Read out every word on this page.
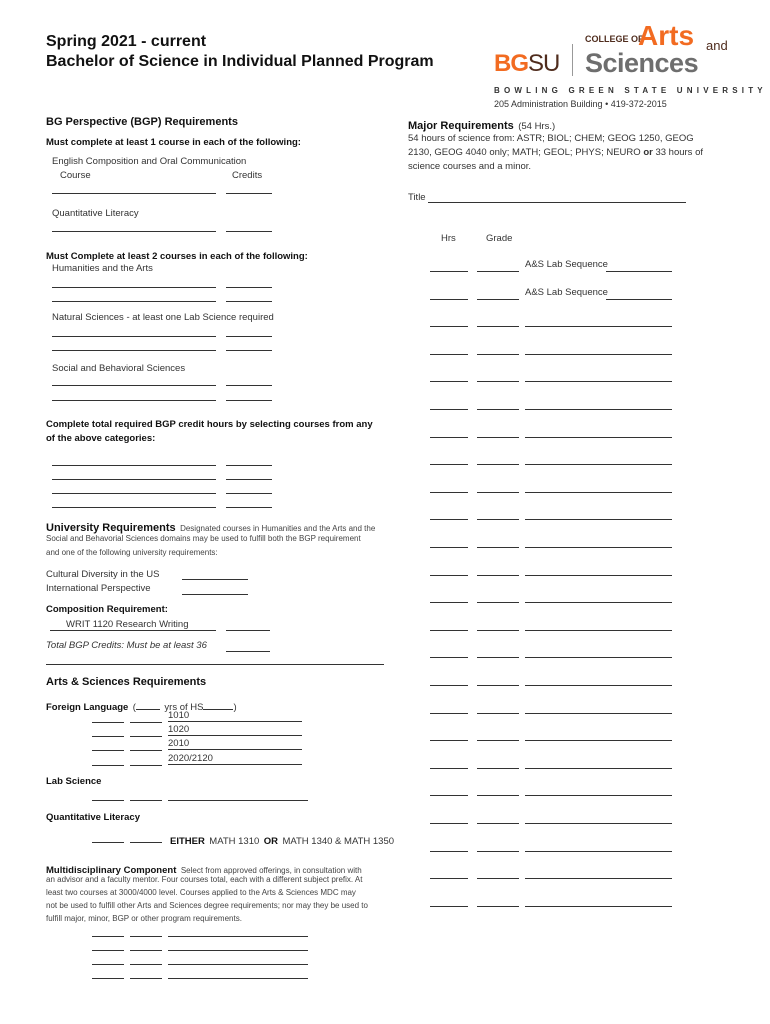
Spring 2021 - current
Bachelor of Science in Individual Planned Program	BGSU
COLLEGE OF
Arts and
Sciences
BOWLING GREEN STATE UNIVERSITY
205 Administration Building • 419-372-2015
BG Perspective (BGP) Requirements
Must complete at least 1 course in each of the following:
English Composition and Oral Communication
Course	Credits
Quantitative Literacy
Must Complete at least 2 courses in each of the following:
Humanities and the Arts
Natural Sciences - at least one Lab Science required
Social and Behavioral Sciences
Complete total required BGP credit hours by selecting courses from any
of the above categories:
University Requirements Designated courses in Humanities and the Arts and the
Social and Behavorial Sciences domains may be used to fulfill both the BGP requirement
and one of the following university requirements:
Cultural Diversity in the US
International Perspective
Composition Requirement:
WRIT 1120 Research Writing
Total BGP Credits: Must be at least 36
Arts & Sciences Requirements
Foreign Language (	yrs of HS	)
1010
1020
2010
2020/2120
Lab Science
Quantitative Literacy
EITHER MATH 1310 OR MATH 1340 & MATH 1350
Multidisciplinary Component Select from approved offerings, in consultation with
an advisor and a faculty mentor. Four courses total, each with a different subject prefix. At
least two courses at 3000/4000 level. Courses applied to the Arts & Sciences MDC may
not be used to fulfill other Arts and Sciences degree requirements; nor may they be used to
fulfill major, minor, BGP or other program requirements.
Major Requirements (54 Hrs.)
54 hours of science from: ASTR; BIOL; CHEM; GEOG 1250, GEOG 2130, GEOG 4040 only; MATH; GEOL; PHYS; NEURO or 33 hours of science courses and a minor.
Title
Hrs	Grade
A&S Lab Sequence
A&S Lab Sequence
